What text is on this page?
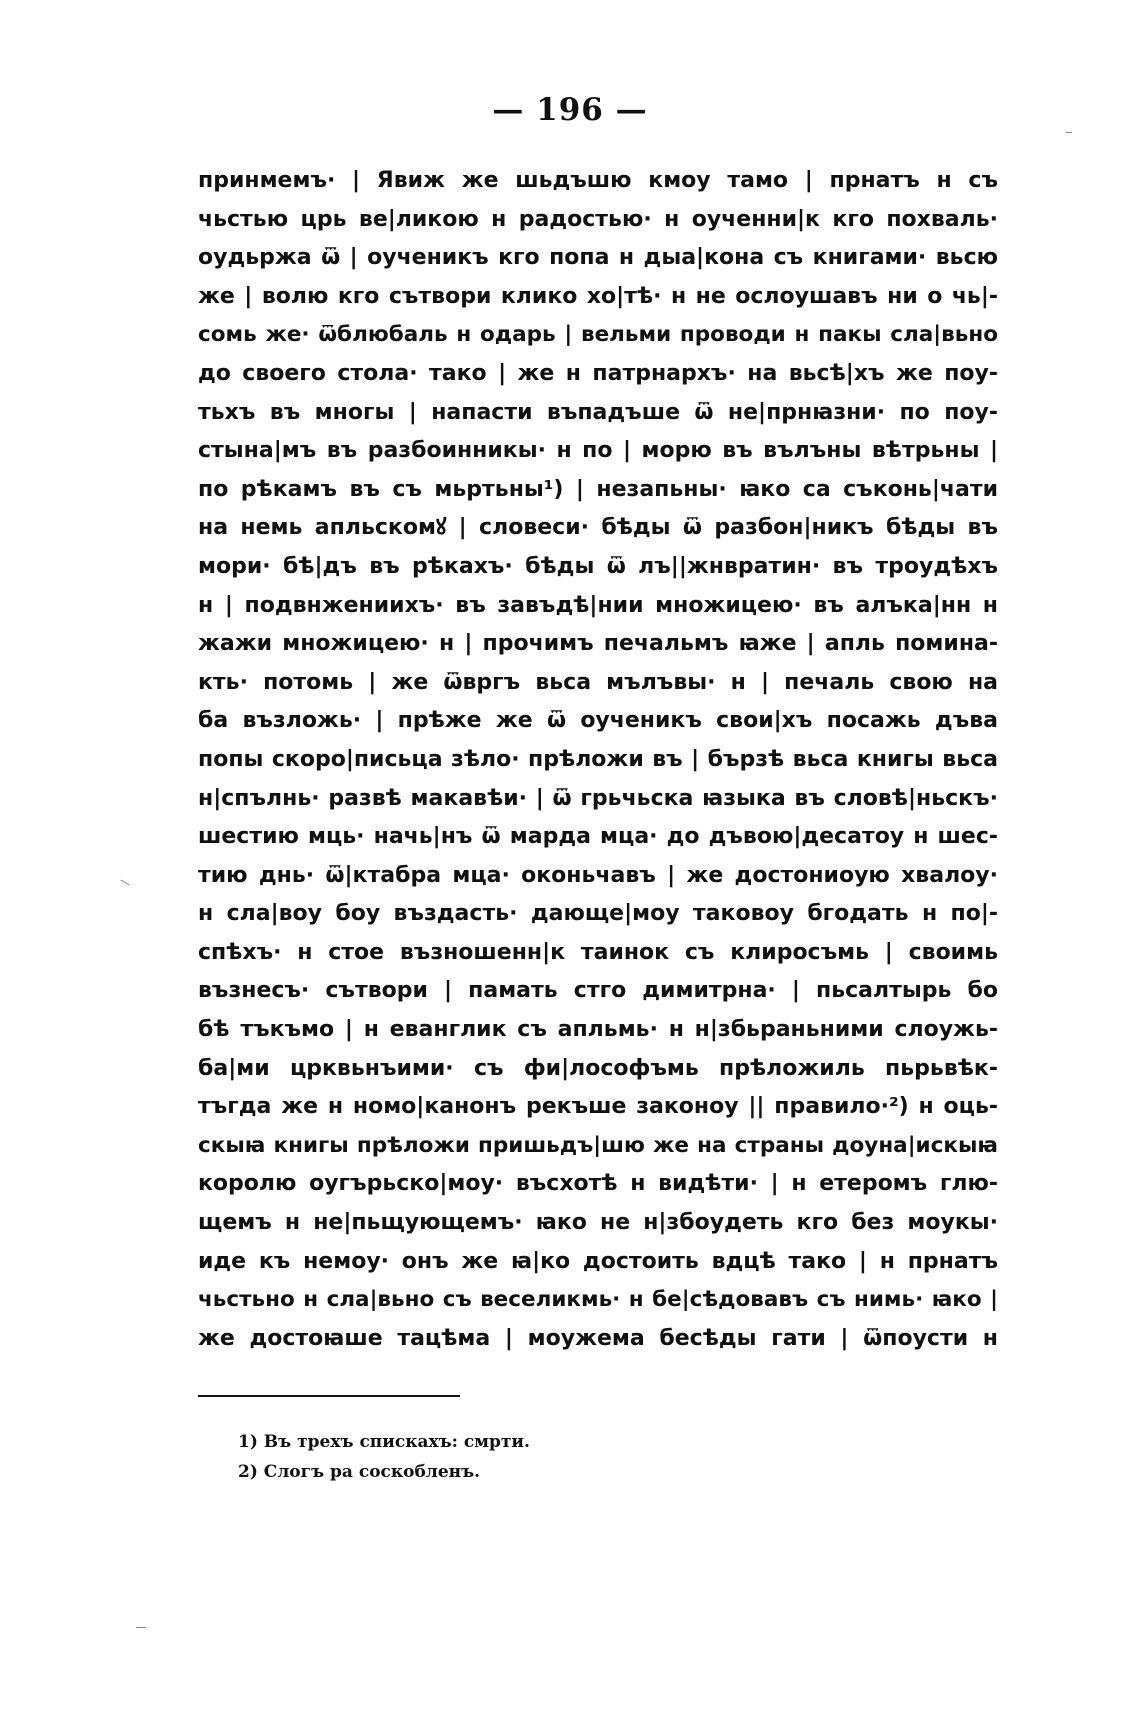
— 196 —
принмемъ· | Явиж же шьдъшю кмоу тамо | прнатъ н съ
чьстью црь ве|ликою н радостью· н оученни|к кго похваль·
оудьржа ѿ | оученикъ кго попа н дыа|кона съ книгами· вьсю
же | волю кго сътвори кликo хо|тѣ· н не ослоушавъ ни о чь|-
сомь же· ѿблюбаль н одарь | вельми проводи н пакы сла|вьно
до своего стола· тако | же н патрнархъ· на вьсѣ|хъ же поу-
тьхъ въ многы | напасти въпадъше ѿ не|прнꙗзни· по поу-
стына|мъ въ разбоинникы· н по | морю въ вълъны вѣтрьны |
по рѣкамъ въ съ мьртьны¹) | незапьны· ꙗко са съконь|чати
на немь апльскомꙋ | словеси· бѣды ѿ разбон|никъ бѣды въ
мори· бѣ|дъ въ рѣкахъ· бѣды ѿ лъ||жнвратин· въ троудѣхъ
н | подвнжениихъ· въ завъдѣ|нии множицею· въ алъка|нн н
жажи множицею· н | прочимъ печальмъ ꙗже | апль помина-
кть· потомь | же ѿвргъ вьса мълъвы· н | печаль свою на
ба възложь· | прѣже же ѿ оученикъ свои|хъ посажь дъва
попы скоро|письца зѣло· прѣложи въ | бързѣ вьса книгы вьса
н|спълнь· развѣ макавѣи· | ѿ грьчьска ꙗзыка въ словѣ|ньскъ·
шестию мць· начь|нъ ѿ марда мца· до дъвою|десатоу н шес-
тию днь· ѿ|ктабра мца· оконьчавъ | же достониоую хвалоу·
н сла|воу боу въздасть· дающе|моу таковоу бгодать н по|-
спѣхъ· н стое възношенн|к таинок съ клиросъмь | своимь
възнесъ· сътвори | памать стго димитрна· | пьсалтырь бо
бѣ тъкъмо | н еванглик съ апльмь· н н|збьраньними слоужь-
ба|ми црквьнъими· съ фи|лософъмь прѣложиль пьрьвѣк-
тъгда же н номо|канонъ рекъше законоу || правило·²) н оць-
скыꙗ книгы прѣложи пришьдъ|шю же на страны доуна|искыꙗ
королю оугърьско|моу· въсхотѣ н видѣти· | н етеромъ глю-
щемъ н не|пьщующемъ· ꙗко не н|збоудеть кго без моукы·
иде къ немоу· онъ же ꙗ|ко достоить вдцѣ тако | н прнатъ
чьстьно н сла|вьно съ веселикмь· н бе|сѣдовавъ съ нимь· ꙗко |
же достоꙗше тацѣма | моужема бесѣды гати | ѿпоусти н
1) Въ трехъ спискахъ: смрти.
2) Слогъ ра соскобленъ.
